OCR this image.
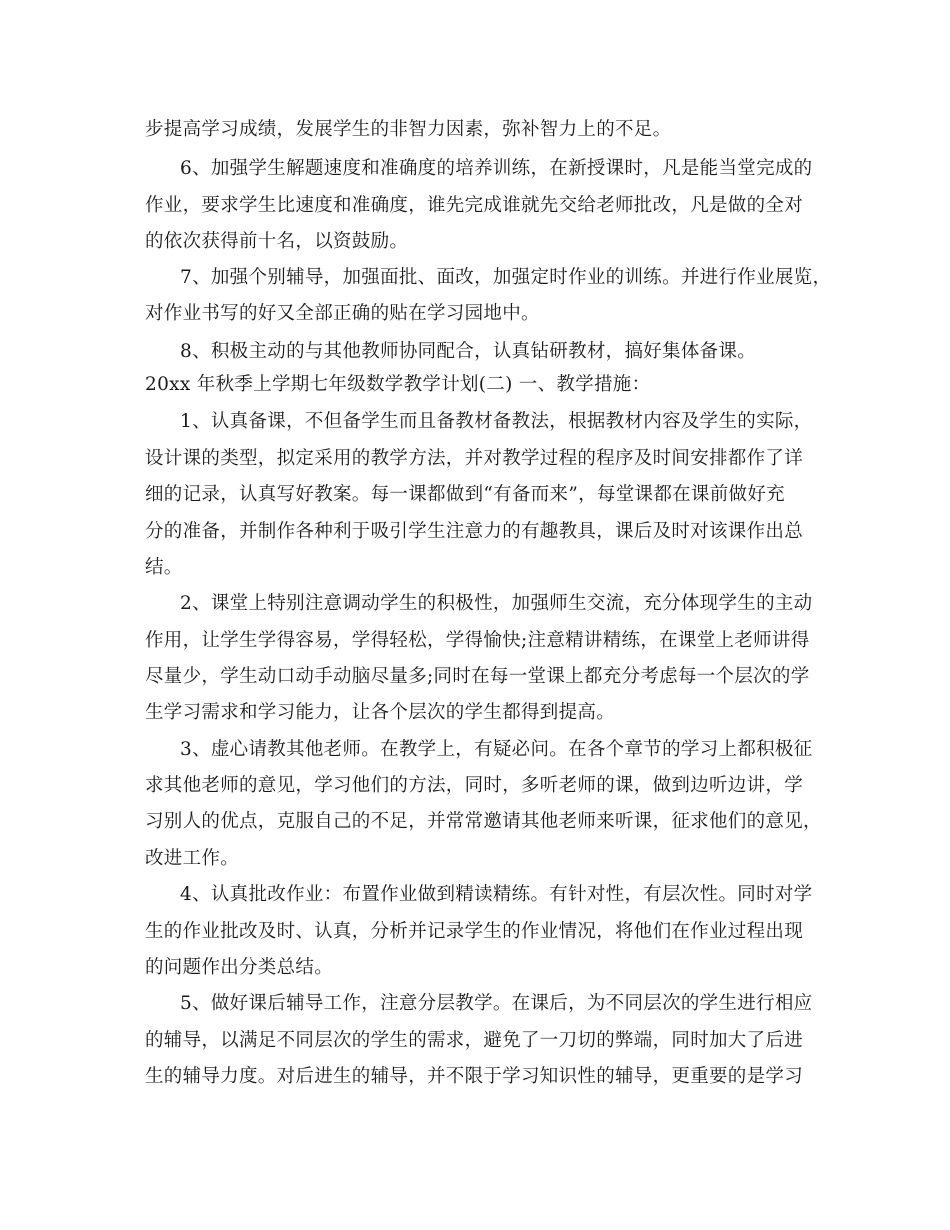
步提高学习成绩，发展学生的非智力因素，弥补智力上的不足。
6、加强学生解题速度和准确度的培养训练，在新授课时，凡是能当堂完成的
作业，要求学生比速度和准确度，谁先完成谁就先交给老师批改，凡是做的全对
的依次获得前十名，以资鼓励。
7、加强个别辅导，加强面批、面改，加强定时作业的训练。并进行作业展览，
对作业书写的好又全部正确的贴在学习园地中。
8、积极主动的与其他教师协同配合，认真钻研教材，搞好集体备课。
20xx 年秋季上学期七年级数学教学计划(二) 一、教学措施：
1、认真备课，不但备学生而且备教材备教法，根据教材内容及学生的实际，
设计课的类型，拟定采用的教学方法，并对教学过程的程序及时间安排都作了详
细的记录，认真写好教案。每一课都做到“有备而来”，每堂课都在课前做好充
分的准备，并制作各种利于吸引学生注意力的有趣教具，课后及时对该课作出总
结。
2、课堂上特别注意调动学生的积极性，加强师生交流，充分体现学生的主动
作用，让学生学得容易，学得轻松，学得愉快;注意精讲精练，在课堂上老师讲得
尽量少，学生动口动手动脑尽量多;同时在每一堂课上都充分考虑每一个层次的学
生学习需求和学习能力，让各个层次的学生都得到提高。
3、虚心请教其他老师。在教学上，有疑必问。在各个章节的学习上都积极征
求其他老师的意见，学习他们的方法，同时，多听老师的课，做到边听边讲，学
习别人的优点，克服自己的不足，并常常邀请其他老师来听课，征求他们的意见，
改进工作。
4、认真批改作业：布置作业做到精读精练。有针对性，有层次性。同时对学
生的作业批改及时、认真，分析并记录学生的作业情况，将他们在作业过程出现
的问题作出分类总结。
5、做好课后辅导工作，注意分层教学。在课后，为不同层次的学生进行相应
的辅导，以满足不同层次的学生的需求，避免了一刀切的弊端，同时加大了后进
生的辅导力度。对后进生的辅导，并不限于学习知识性的辅导，更重要的是学习
